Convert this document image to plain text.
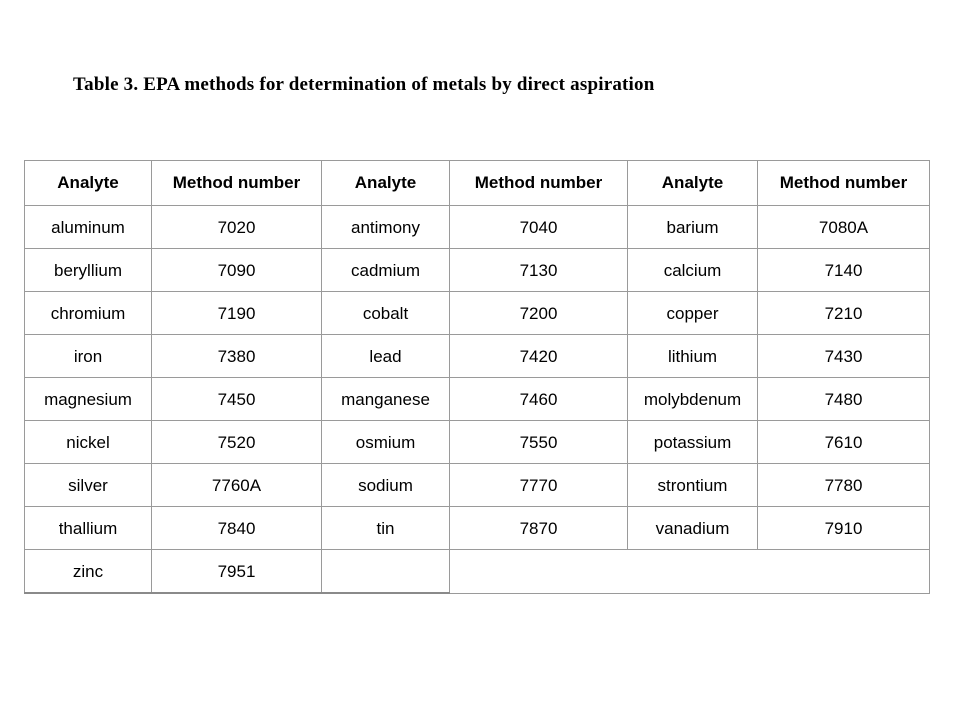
Table 3. EPA methods for determination of metals by direct aspiration
Analyte	Method number	Analyte	Method number	Analyte	Method number
aluminum	7020	antimony	7040	barium	7080A
beryllium	7090	cadmium	7130	calcium	7140
chromium	7190	cobalt	7200	copper	7210
iron	7380	lead	7420	lithium	7430
magnesium	7450	manganese	7460	molybdenum	7480
nickel	7520	osmium	7550	potassium	7610
silver	7760A	sodium	7770	strontium	7780
thallium	7840	tin	7870	vanadium	7910
zinc	7951				
